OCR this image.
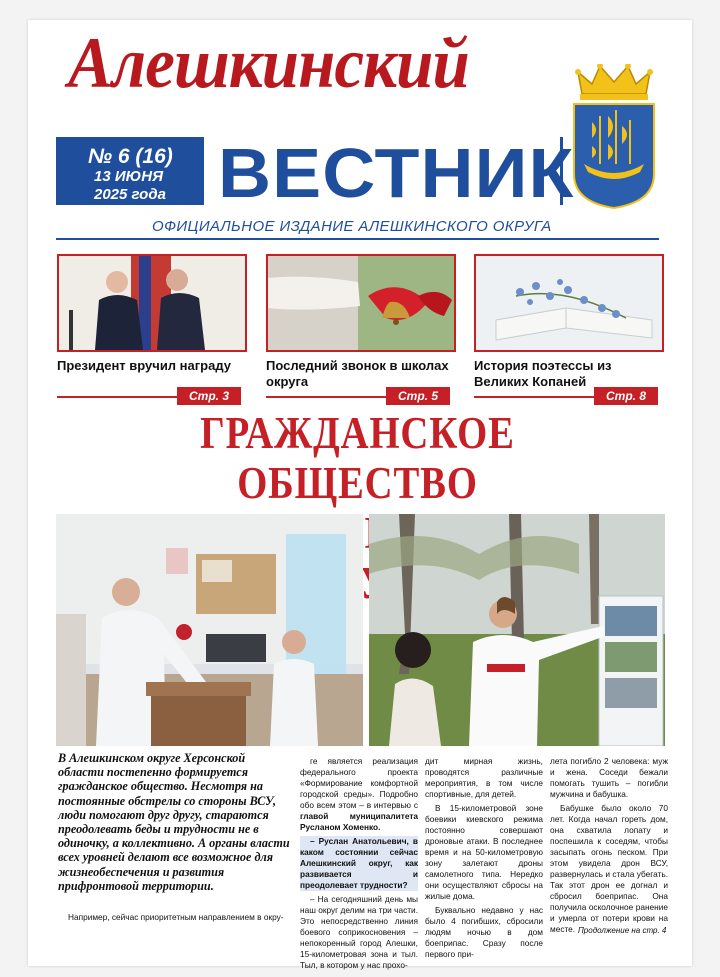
Алешкинский
№ 6 (16)
13 ИЮНЯ
2025 года ВЕСТНИК
ОФИЦИАЛЬНОЕ ИЗДАНИЕ АЛЕШКИНСКОГО ОКРУГА
Президент вручил награду	Последний звонок в школах округа
История поэтессы из Великих Копаней
Стр. 3	Стр. 5	Стр. 8
ГРАЖДАНСКОЕ ОБЩЕСТВО
В Алешкинском округе Херсонской области постепенно формируется гражданское общество. Несмотря на постоянные обстрелы со стороны ВСУ, люди помогают друг другу, стараются преодолевать беды и трудности не в одиночку, а коллективно. А органы власти всех уровней делают все возможное для жизнеобеспечения и развития прифронтовой территории.
Например, сейчас приоритетным направлением в окру-

ге является реализация федерального проекта «Формирование комфортной городской среды». Подробно обо всем этом – в интервью с главой муниципалитета Русланом Хоменко.

– Руслан Анатольевич, в каком состоянии сейчас Алешкинский округ, как развивается и преодолевает трудности?

– На сегодняшний день мы наш округ делим на три части. Это непосредственно линия боевого соприкосновения – непокоренный город Алешки, 15-километровая зона и тыл. Тыл, в котором у нас прохо-

дит мирная жизнь, проводятся различные мероприятия, в том числе спортивные, для детей.

В 15-километровой зоне боевики киевского режима постоянно совершают дроновые атаки. В последнее время и на 50-километровую зону залетают дроны самолетного типа. Нередко они осуществляют сбросы на жилые дома.

Буквально недавно у нас было 4 погибших, сбросили людям ночью в дом боеприпас. Сразу после первого при-

лета погибло 2 человека: муж и жена. Соседи бежали помогать тушить – погибли мужчина и бабушка.

Бабушке было около 70 лет. Когда начал гореть дом, она схватила лопату и поспешила к соседям, чтобы засыпать огонь песком. При этом увидела дрон ВСУ, развернулась и стала убегать. Так этот дрон ее догнал и сбросил боеприпас. Она получила осколочное ранение и умерла от потери крови на месте. Продолжение на стр. 4
